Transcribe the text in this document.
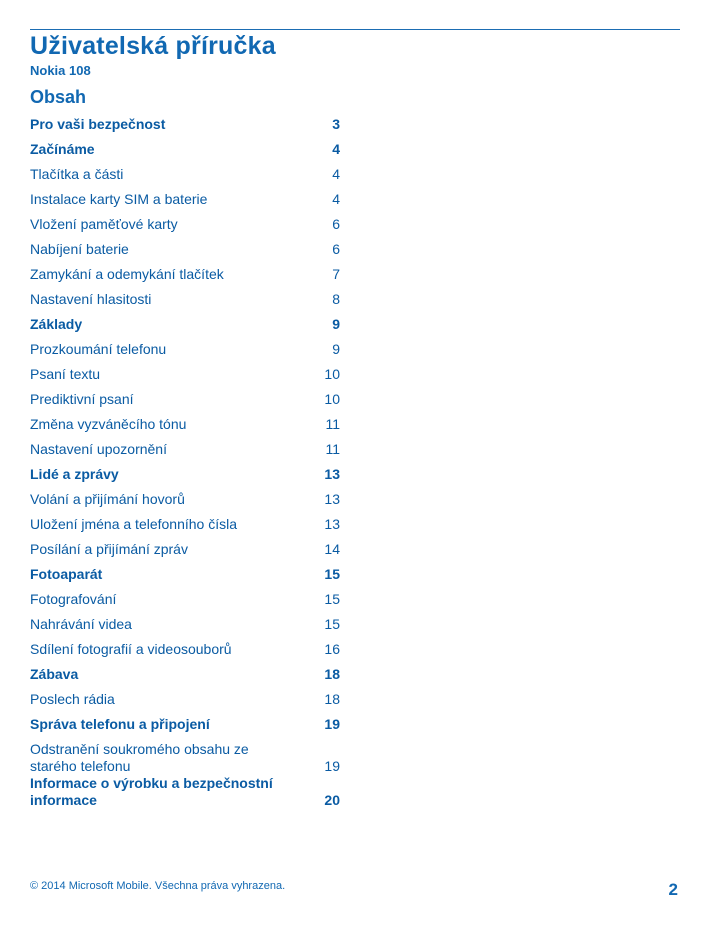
Uživatelská příručka
Nokia 108
Obsah
Pro vaši bezpečnost	3
Začínáme	4
Tlačítka a části	4
Instalace karty SIM a baterie	4
Vložení paměťové karty	6
Nabíjení baterie	6
Zamykání a odemykání tlačítek	7
Nastavení hlasitosti	8
Základy	9
Prozkoumání telefonu	9
Psaní textu	10
Prediktivní psaní	10
Změna vyzváněcího tónu	11
Nastavení upozornění	11
Lidé a zprávy	13
Volání a přijímání hovorů	13
Uložení jména a telefonního čísla	13
Posílání a přijímání zpráv	14
Fotoaparát	15
Fotografování	15
Nahrávání videa	15
Sdílení fotografií a videosouborů	16
Zábava	18
Poslech rádia	18
Správa telefonu a připojení	19
Odstranění soukromého obsahu ze starého telefonu	19
Informace o výrobku a bezpečnostní informace	20
© 2014 Microsoft Mobile. Všechna práva vyhrazena.	2
